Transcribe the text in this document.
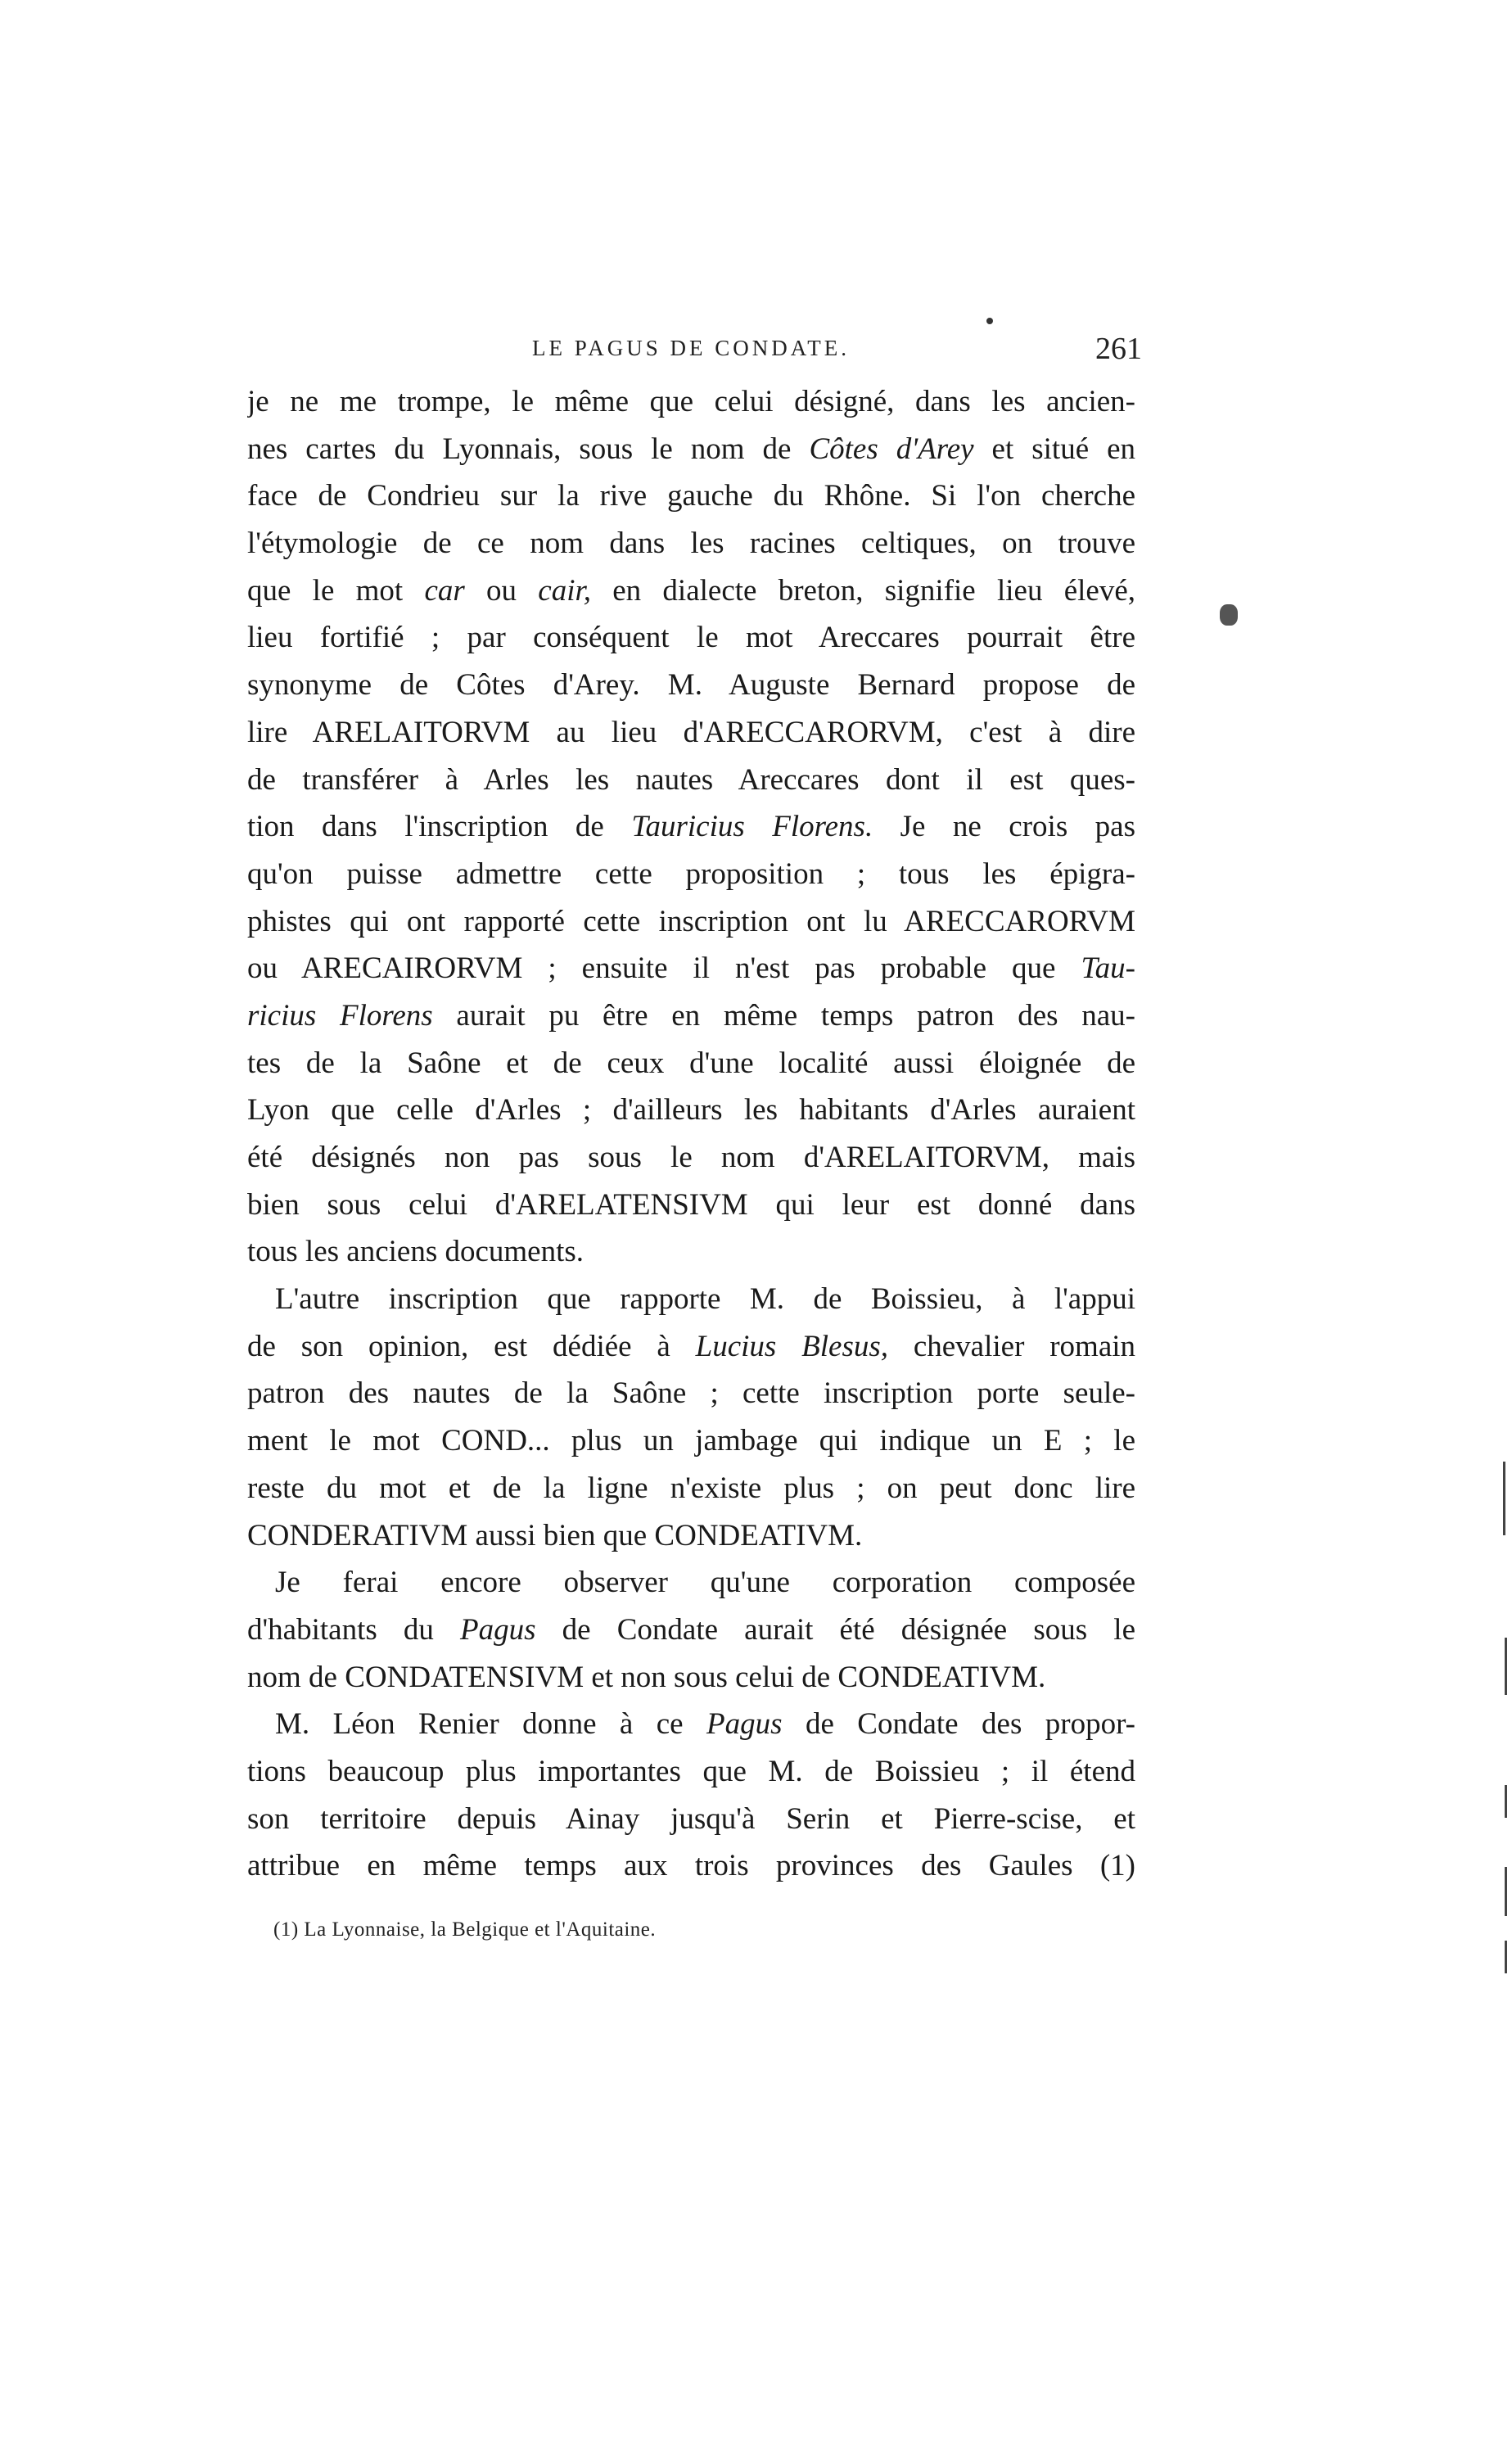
LE PAGUS DE CONDATE.	261
je ne me trompe, le même que celui désigné, dans les ancien-
nes cartes du Lyonnais, sous le nom de Côtes d'Arey et situé en
face de Condrieu sur la rive gauche du Rhône. Si l'on cherche
l'étymologie de ce nom dans les racines celtiques, on trouve
que le mot car ou cair, en dialecte breton, signifie lieu élevé,
lieu fortifié ; par conséquent le mot Areccares pourrait être
synonyme de Côtes d'Arey. M. Auguste Bernard propose de
lire ARELAITORVM au lieu d'ARECCARORVM, c'est à dire
de transférer à Arles les nautes Areccares dont il est ques-
tion dans l'inscription de Tauricius Florens. Je ne crois pas
qu'on puisse admettre cette proposition ; tous les épigra-
phistes qui ont rapporté cette inscription ont lu ARECCARORVM
ou ARECAIRORVM ; ensuite il n'est pas probable que Tau-
ricius Florens aurait pu être en même temps patron des nau-
tes de la Saône et de ceux d'une localité aussi éloignée de
Lyon que celle d'Arles ; d'ailleurs les habitants d'Arles auraient
été désignés non pas sous le nom d'ARELAITORVM, mais
bien sous celui d'ARELATENSIVM qui leur est donné dans
tous les anciens documents.
L'autre inscription que rapporte M. de Boissieu, à l'appui
de son opinion, est dédiée à Lucius Blesus, chevalier romain
patron des nautes de la Saône ; cette inscription porte seule-
ment le mot COND... plus un jambage qui indique un E ; le
reste du mot et de la ligne n'existe plus ; on peut donc lire
CONDERATIVM aussi bien que CONDEATIVM.
Je ferai encore observer qu'une corporation composée
d'habitants du Pagus de Condate aurait été désignée sous le
nom de CONDATENSIVM et non sous celui de CONDEATIVM.
M. Léon Renier donne à ce Pagus de Condate des propor-
tions beaucoup plus importantes que M. de Boissieu ; il étend
son territoire depuis Ainay jusqu'à Serin et Pierre-scise, et
attribue en même temps aux trois provinces des Gaules (1)
(1) La Lyonnaise, la Belgique et l'Aquitaine.
